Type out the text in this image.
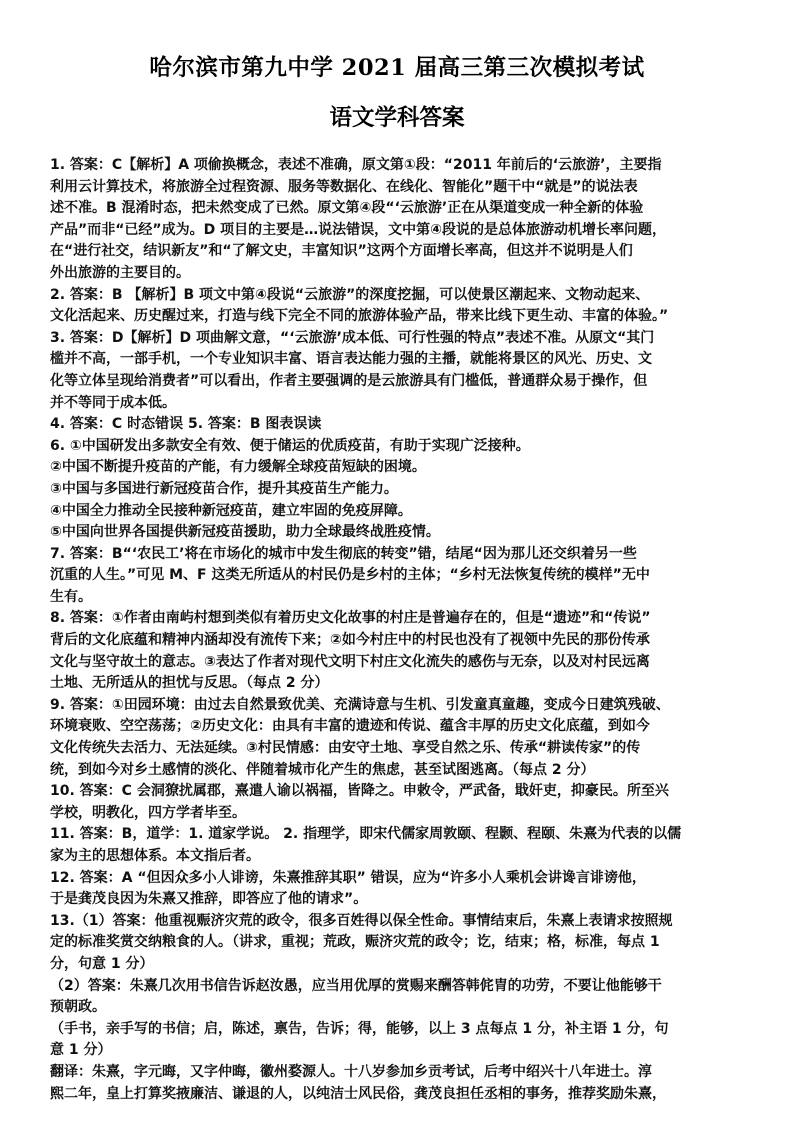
哈尔滨市第九中学 2021 届高三第三次模拟考试
语文学科答案
1. 答案：C【解析】A 项偷换概念，表述不准确，原文第①段：“2011 年前后的‘云旅游’，主要指
利用云计算技术，将旅游全过程资源、服务等数据化、在线化、智能化”题干中“就是”的说法表
述不准。B 混淆时态，把未然变成了已然。原文第④段“‘云旅游’正在从渠道变成一种全新的体验
产品”而非“已经”成为。D 项目的主要是…说法错误，文中第④段说的是总体旅游动机增长率问题，
在“进行社交，结识新友”和“了解文史，丰富知识”这两个方面增长率高，但这并不说明是人们
外出旅游的主要目的。
2. 答案：B 【解析】B 项文中第④段说“云旅游”的深度挖掘，可以使景区潮起来、文物动起来、
文化活起来、历史醒过来，打造与线下完全不同的旅游体验产品，带来比线下更生动、丰富的体验。”
3. 答案：D【解析】D 项曲解文意，“‘云旅游’成本低、可行性强的特点”表述不准。从原文“其门
槛并不高，一部手机，一个专业知识丰富、语言表达能力强的主播，就能将景区的风光、历史、文
化等立体呈现给消费者”可以看出，作者主要强调的是云旅游具有门槛低，普通群众易于操作，但
并不等同于成本低。
4. 答案：C 时态错误 5. 答案：B 图表误读
6. ①中国研发出多款安全有效、便于储运的优质疫苗，有助于实现广泛接种。
②中国不断提升疫苗的产能，有力缓解全球疫苗短缺的困境。
③中国与多国进行新冠疫苗合作，提升其疫苗生产能力。
④中国全力推动全民接种新冠疫苗，建立牢固的免疫屏障。
⑤中国向世界各国提供新冠疫苗援助，助力全球最终战胜疫情。
7. 答案：B“‘农民工’将在市场化的城市中发生彻底的转变”错，结尾“因为那儿还交织着另一些
沉重的人生。”可见 M、F 这类无所适从的村民仍是乡村的主体；“乡村无法恢复传统的模样”无中
生有。
8. 答案：①作者由南屿村想到类似有着历史文化故事的村庄是普遍存在的，但是“遗迹”和“传说”
背后的文化底蕴和精神内涵却没有流传下来；②如今村庄中的村民也没有了视领中先民的那份传承
文化与坚守故土的意志。③表达了作者对现代文明下村庄文化流失的感伤与无奈，以及对村民远离
土地、无所适从的担忧与反思。（每点 2 分）
9. 答案：①田园环境：由过去自然景致优美、充满诗意与生机、引发童真童趣，变成今日建筑残破、
环境衰败、空空荡荡；②历史文化：由具有丰富的遗迹和传说、蕴含丰厚的历史文化底蕴，到如今
文化传统失去活力、无法延续。③村民情感：由安守土地、享受自然之乐、传承“耕读传家”的传
统，到如今对乡土感情的淡化、伴随着城市化产生的焦虑，甚至试图逃离。（每点 2 分）
10. 答案：C 会洞獠扰属郡，熹遣人谕以祸福，皆降之。申敕令，严武备，戢奸吏，抑豪民。所至兴
学校，明教化，四方学者毕至。
11. 答案：B，道学：1. 道家学说。 2. 指理学，即宋代儒家周敦颐、程颢、程颐、朱熹为代表的以儒
家为主的思想体系。本文指后者。
12. 答案：A “但因众多小人诽谤，朱熹推辞其职” 错误，应为“许多小人乘机会讲谗言诽谤他，
于是龚茂良因为朱熹又推辞，即答应了他的请求”。
13.（1）答案：他重视赈济灾荒的政令，很多百姓得以保全性命。事情结束后，朱熹上表请求按照规
定的标准奖赏交纳粮食的人。（讲求，重视；荒政，赈济灾荒的政令；讫，结束；格，标准，每点 1
分，句意 1 分）
（2）答案：朱熹几次用书信告诉赵汝愚，应当用优厚的赏赐来酬答韩侂胄的功劳，不要让他能够干
预朝政。
（手书，亲手写的书信；启，陈述，禀告，告诉；得，能够，以上 3 点每点 1 分，补主语 1 分，句
意 1 分）
翻译：朱熹，字元晦，又字仲晦，徽州婺源人。十八岁参加乡贡考试，后考中绍兴十八年进士。淳
熙二年，皇上打算奖掖廉洁、谦退的人，以纯洁士风民俗，龚茂良担任丞相的事务，推荐奖励朱熹，
